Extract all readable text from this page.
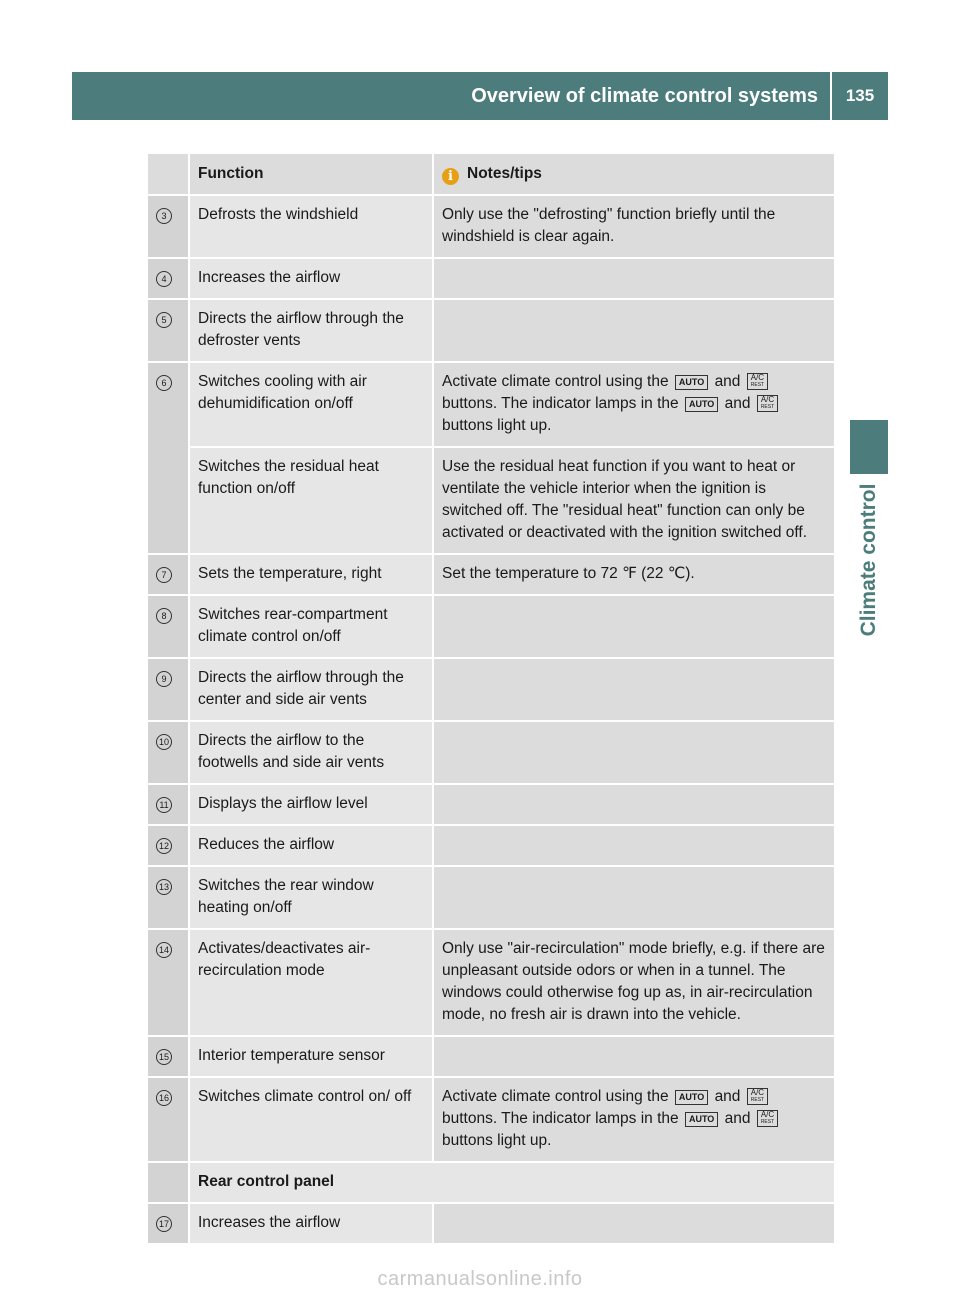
Overview of climate control systems	135
Climate control
	Function	i Notes/tips
3	Defrosts the windshield	Only use the "defrosting" function briefly until the windshield is clear again.
4	Increases the airflow	
5	Directs the airflow through the defroster vents	
6	Switches cooling with air dehumidification on/off	Activate climate control using the AUTO and A/C
REST buttons. The indicator lamps in the AUTO and A/C
REST buttons light up.
	Switches the residual heat function on/off	Use the residual heat function if you want to heat or ventilate the vehicle interior when the ignition is switched off. The "residual heat" function can only be activated or deactivated with the ignition switched off.
7	Sets the temperature, right	Set the temperature to 72 ℉ (22 ℃).
8	Switches rear-compartment climate control on/off	
9	Directs the airflow through the center and side air vents	
10	Directs the airflow to the footwells and side air vents	
11	Displays the airflow level	
12	Reduces the airflow	
13	Switches the rear window heating on/off	
14	Activates/deactivates air-recirculation mode	Only use "air-recirculation" mode briefly, e.g. if there are unpleasant outside odors or when in a tunnel. The windows could otherwise fog up as, in air-recirculation mode, no fresh air is drawn into the vehicle.
15	Interior temperature sensor	
16	Switches climate control on/ off	Activate climate control using the AUTO and A/C
REST buttons. The indicator lamps in the AUTO and A/C
REST buttons light up.
	Rear control panel	
17	Increases the airflow	
carmanualsonline.info
